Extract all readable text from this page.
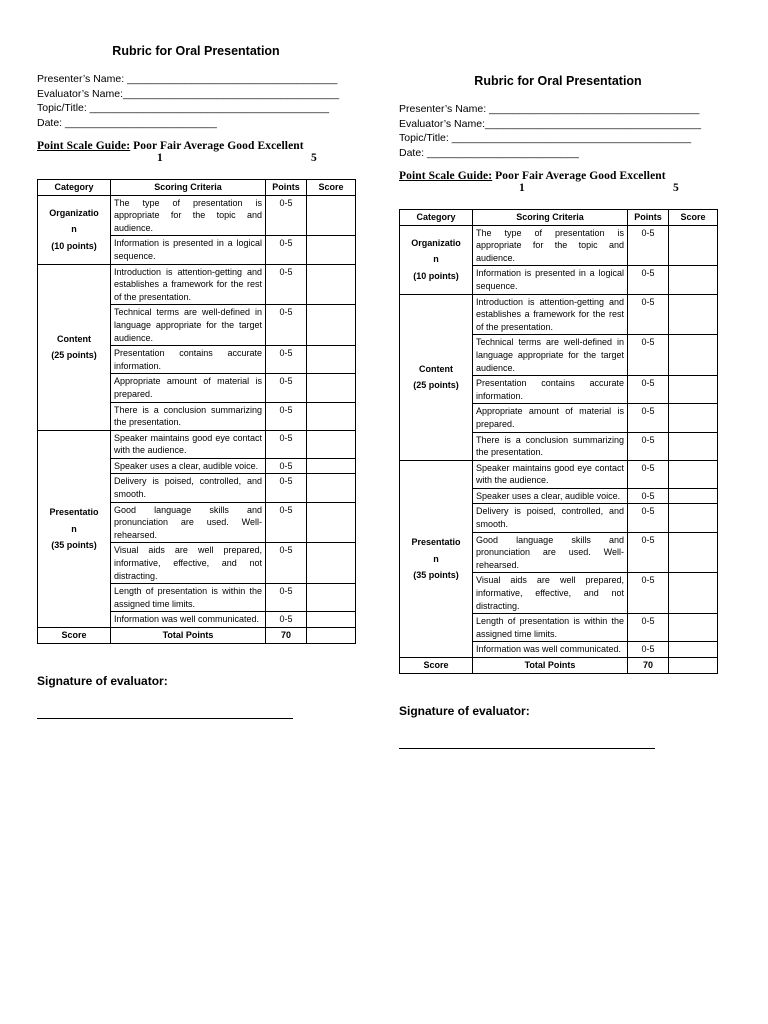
Rubric for Oral Presentation
Presenter’s Name: ____________________________________
Evaluator’s Name:_____________________________________
Topic/Title: _________________________________________
Date: __________________________
Point Scale Guide: Poor Fair Average Good Excellent
1	5
Category	Scoring Criteria	Points	Score

Organizatio
n
(10 points)	The type of presentation is appropriate for the topic and audience.	0-5	
	Information is presented in a logical sequence.	0-5	

Content
(25 points)	Introduction is attention-getting and establishes a framework for the rest of the presentation.	0-5	
	Technical terms are well-defined in language appropriate for the target audience.	0-5	
	Presentation contains accurate information.	0-5	
	Appropriate amount of material is prepared.	0-5	
	There is a conclusion summarizing the presentation.	0-5	

Presentatio
n
(35 points)	Speaker maintains good eye contact with the audience.	0-5	
	Speaker uses a clear, audible voice.	0-5	
	Delivery is poised, controlled, and smooth.	0-5	
	Good language skills and pronunciation are used. Well-rehearsed.	0-5	
	Visual aids are well prepared, informative, effective, and not distracting.	0-5	
	Length of presentation is within the assigned time limits.	0-5	
	Information was well communicated.	0-5	
Score	Total Points	70	
Signature of evaluator:
Rubric for Oral Presentation
Presenter’s Name: ____________________________________
Evaluator’s Name:_____________________________________
Topic/Title: _________________________________________
Date: __________________________
Point Scale Guide: Poor Fair Average Good Excellent
1	5
Category	Scoring Criteria	Points	Score

Organizatio
n
(10 points)	The type of presentation is appropriate for the topic and audience.	0-5	
	Information is presented in a logical sequence.	0-5	

Content
(25 points)	Introduction is attention-getting and establishes a framework for the rest of the presentation.	0-5	
	Technical terms are well-defined in language appropriate for the target audience.	0-5	
	Presentation contains accurate information.	0-5	
	Appropriate amount of material is prepared.	0-5	
	There is a conclusion summarizing the presentation.	0-5	

Presentatio
n
(35 points)	Speaker maintains good eye contact with the audience.	0-5	
	Speaker uses a clear, audible voice.	0-5	
	Delivery is poised, controlled, and smooth.	0-5	
	Good language skills and pronunciation are used. Well-rehearsed.	0-5	
	Visual aids are well prepared, informative, effective, and not distracting.	0-5	
	Length of presentation is within the assigned time limits.	0-5	
	Information was well communicated.	0-5	
Score	Total Points	70	
Signature of evaluator:
